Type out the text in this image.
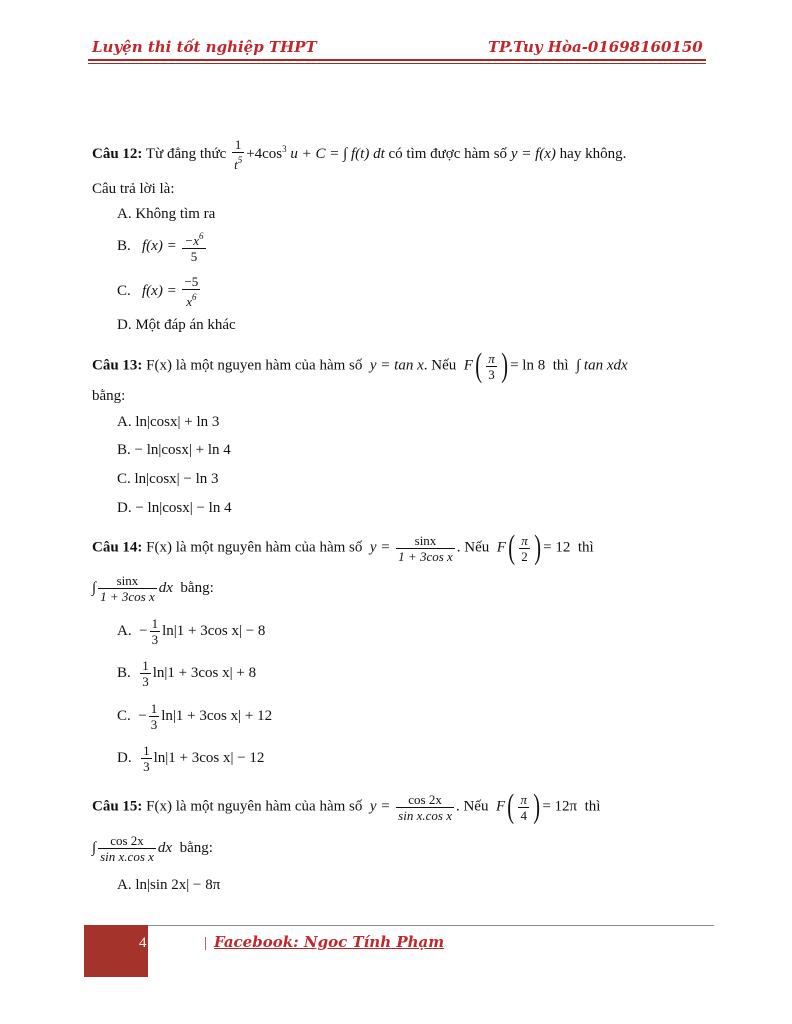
Luyện thi tốt nghiệp THPT	TP.Tuy Hòa-01698160150
Câu 12: Từ đẳng thức $\frac{1}{t^5} +4\cos^3$ u + C = ∫ f(t) dt có tìm được hàm số y = f(x) hay không.
Câu trả lời là:
A. Không tìm ra
B. $f(x) = \frac{-x^6}{5}$
C. $f(x) = \frac{-5}{x^6}$
D. Một đáp án khác
Câu 13: F(x) là một nguyen hàm của hàm số y = tan x. Nếu $F( \frac{\pi}{3}$ ) = ln 8 thì ∫ tan xdx
bằng:
A. ln|cosx| + ln 3
B. − ln|cosx| + ln 4
C. ln|cosx| − ln 3
D. − ln|cosx| − ln 4
Câu 14: F(x) là một nguyên hàm của hàm số $y = \frac{\sin x}{\text{1 + 3cos x}}$ . Nếu $F( \frac{\pi}{2}$ ) = 12 thì
∫ $\frac{\sin x}{\text{1 + 3cos x}}$ dx bằng:
A. − $\frac{1}{3} \ln|1 + 3\cos$ x| − 8
B. $\frac{1}{3} \ln|1 + 3\cos$ x| + 8
C. − $\frac{1}{3} \ln|1 + 3\cos$ x| + 12
D. $\frac{1}{3} \ln|1 + 3\cos$ x| − 12
Câu 15: F(x) là một nguyên hàm của hàm số $y = \frac{\cos 2x}{\text{sin x.cos x}}$ . Nếu $F( \frac{\pi}{4}$ ) = 12π thì
∫ $\frac{\cos 2x}{\text{sin x.cos x}}$ dx bằng:
A. ln|sin 2x| − 8π
4	| Facebook: Ngoc Tính Phạm
